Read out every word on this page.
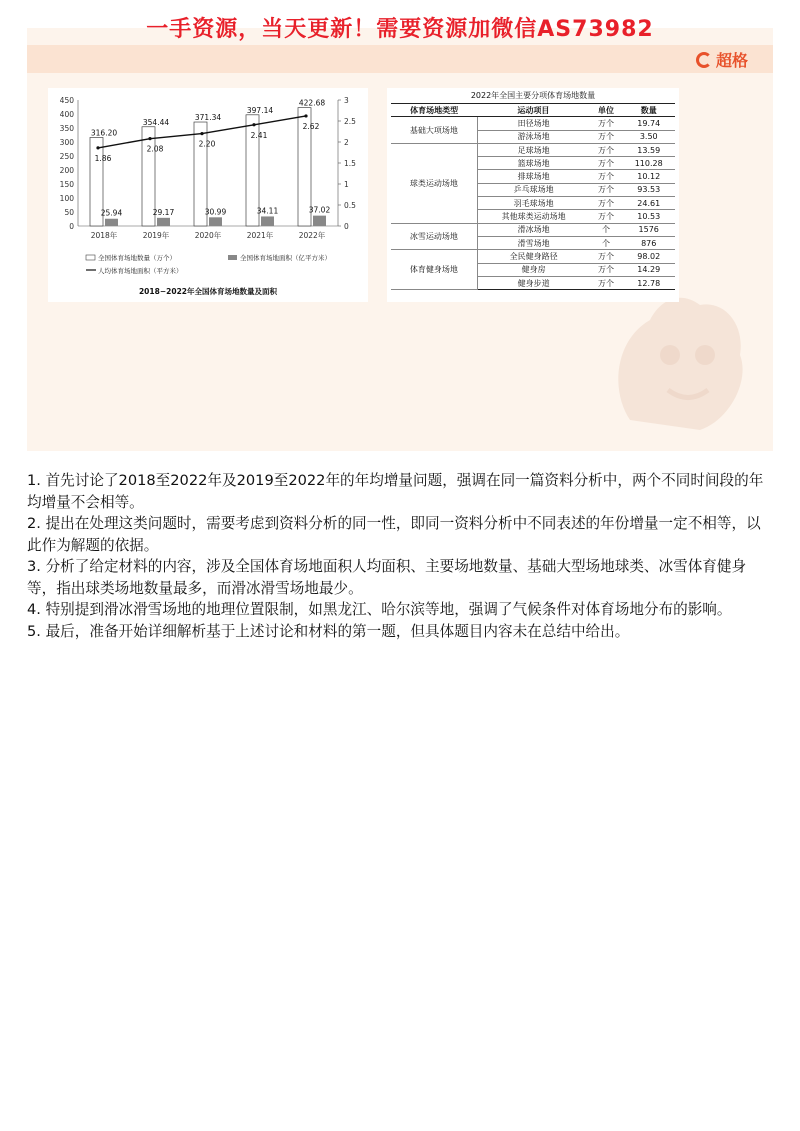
一手资源，当天更新！需要资源加微信AS73982
超格
0
50
100
150
200
250
300
350
400
450
0
0.5
1
1.5
2
2.5
3
316.20
25.94
2018年
354.44
29.17
2019年
371.34
30.99
2020年
397.14
34.11
2021年
422.68
37.02
2022年
1.86
2.08
2.20
2.41
2.62
全国体育场地数量（万个）	全国体育场地面积（亿平方米）
人均体育场地面积（平方米）
2018−2022年全国体育场地数量及面积
2022年全国主要分项体育场地数量
体育场地类型	运动项目	单位	数量
基础大项场地	田径场地	万个	19.74
	游泳场地	万个	3.50
球类运动场地	足球场地	万个	13.59
	篮球场地	万个	110.28
	排球场地	万个	10.12
	乒乓球场地	万个	93.53
	羽毛球场地	万个	24.61
	其他球类运动场地	万个	10.53
冰雪运动场地	滑冰场地	个	1576
	滑雪场地	个	876
体育健身场地	全民健身路径	万个	98.02
	健身房	万个	14.29
	健身步道	万个	12.78

1. 首先讨论了2018至2022年及2019至2022年的年均增量问题，强调在同一篇资料分析中，两个不同时间段的年均增量不会相等。

2. 提出在处理这类问题时，需要考虑到资料分析的同一性，即同一资料分析中不同表述的年份增量一定不相等，以此作为解题的依据。

3. 分析了给定材料的内容，涉及全国体育场地面积人均面积、主要场地数量、基础大型场地球类、冰雪体育健身等，指出球类场地数量最多，而滑冰滑雪场地最少。

4. 特别提到滑冰滑雪场地的地理位置限制，如黑龙江、哈尔滨等地，强调了气候条件对体育场地分布的影响。

5. 最后，准备开始详细解析基于上述讨论和材料的第一题，但具体题目内容未在总结中给出。
